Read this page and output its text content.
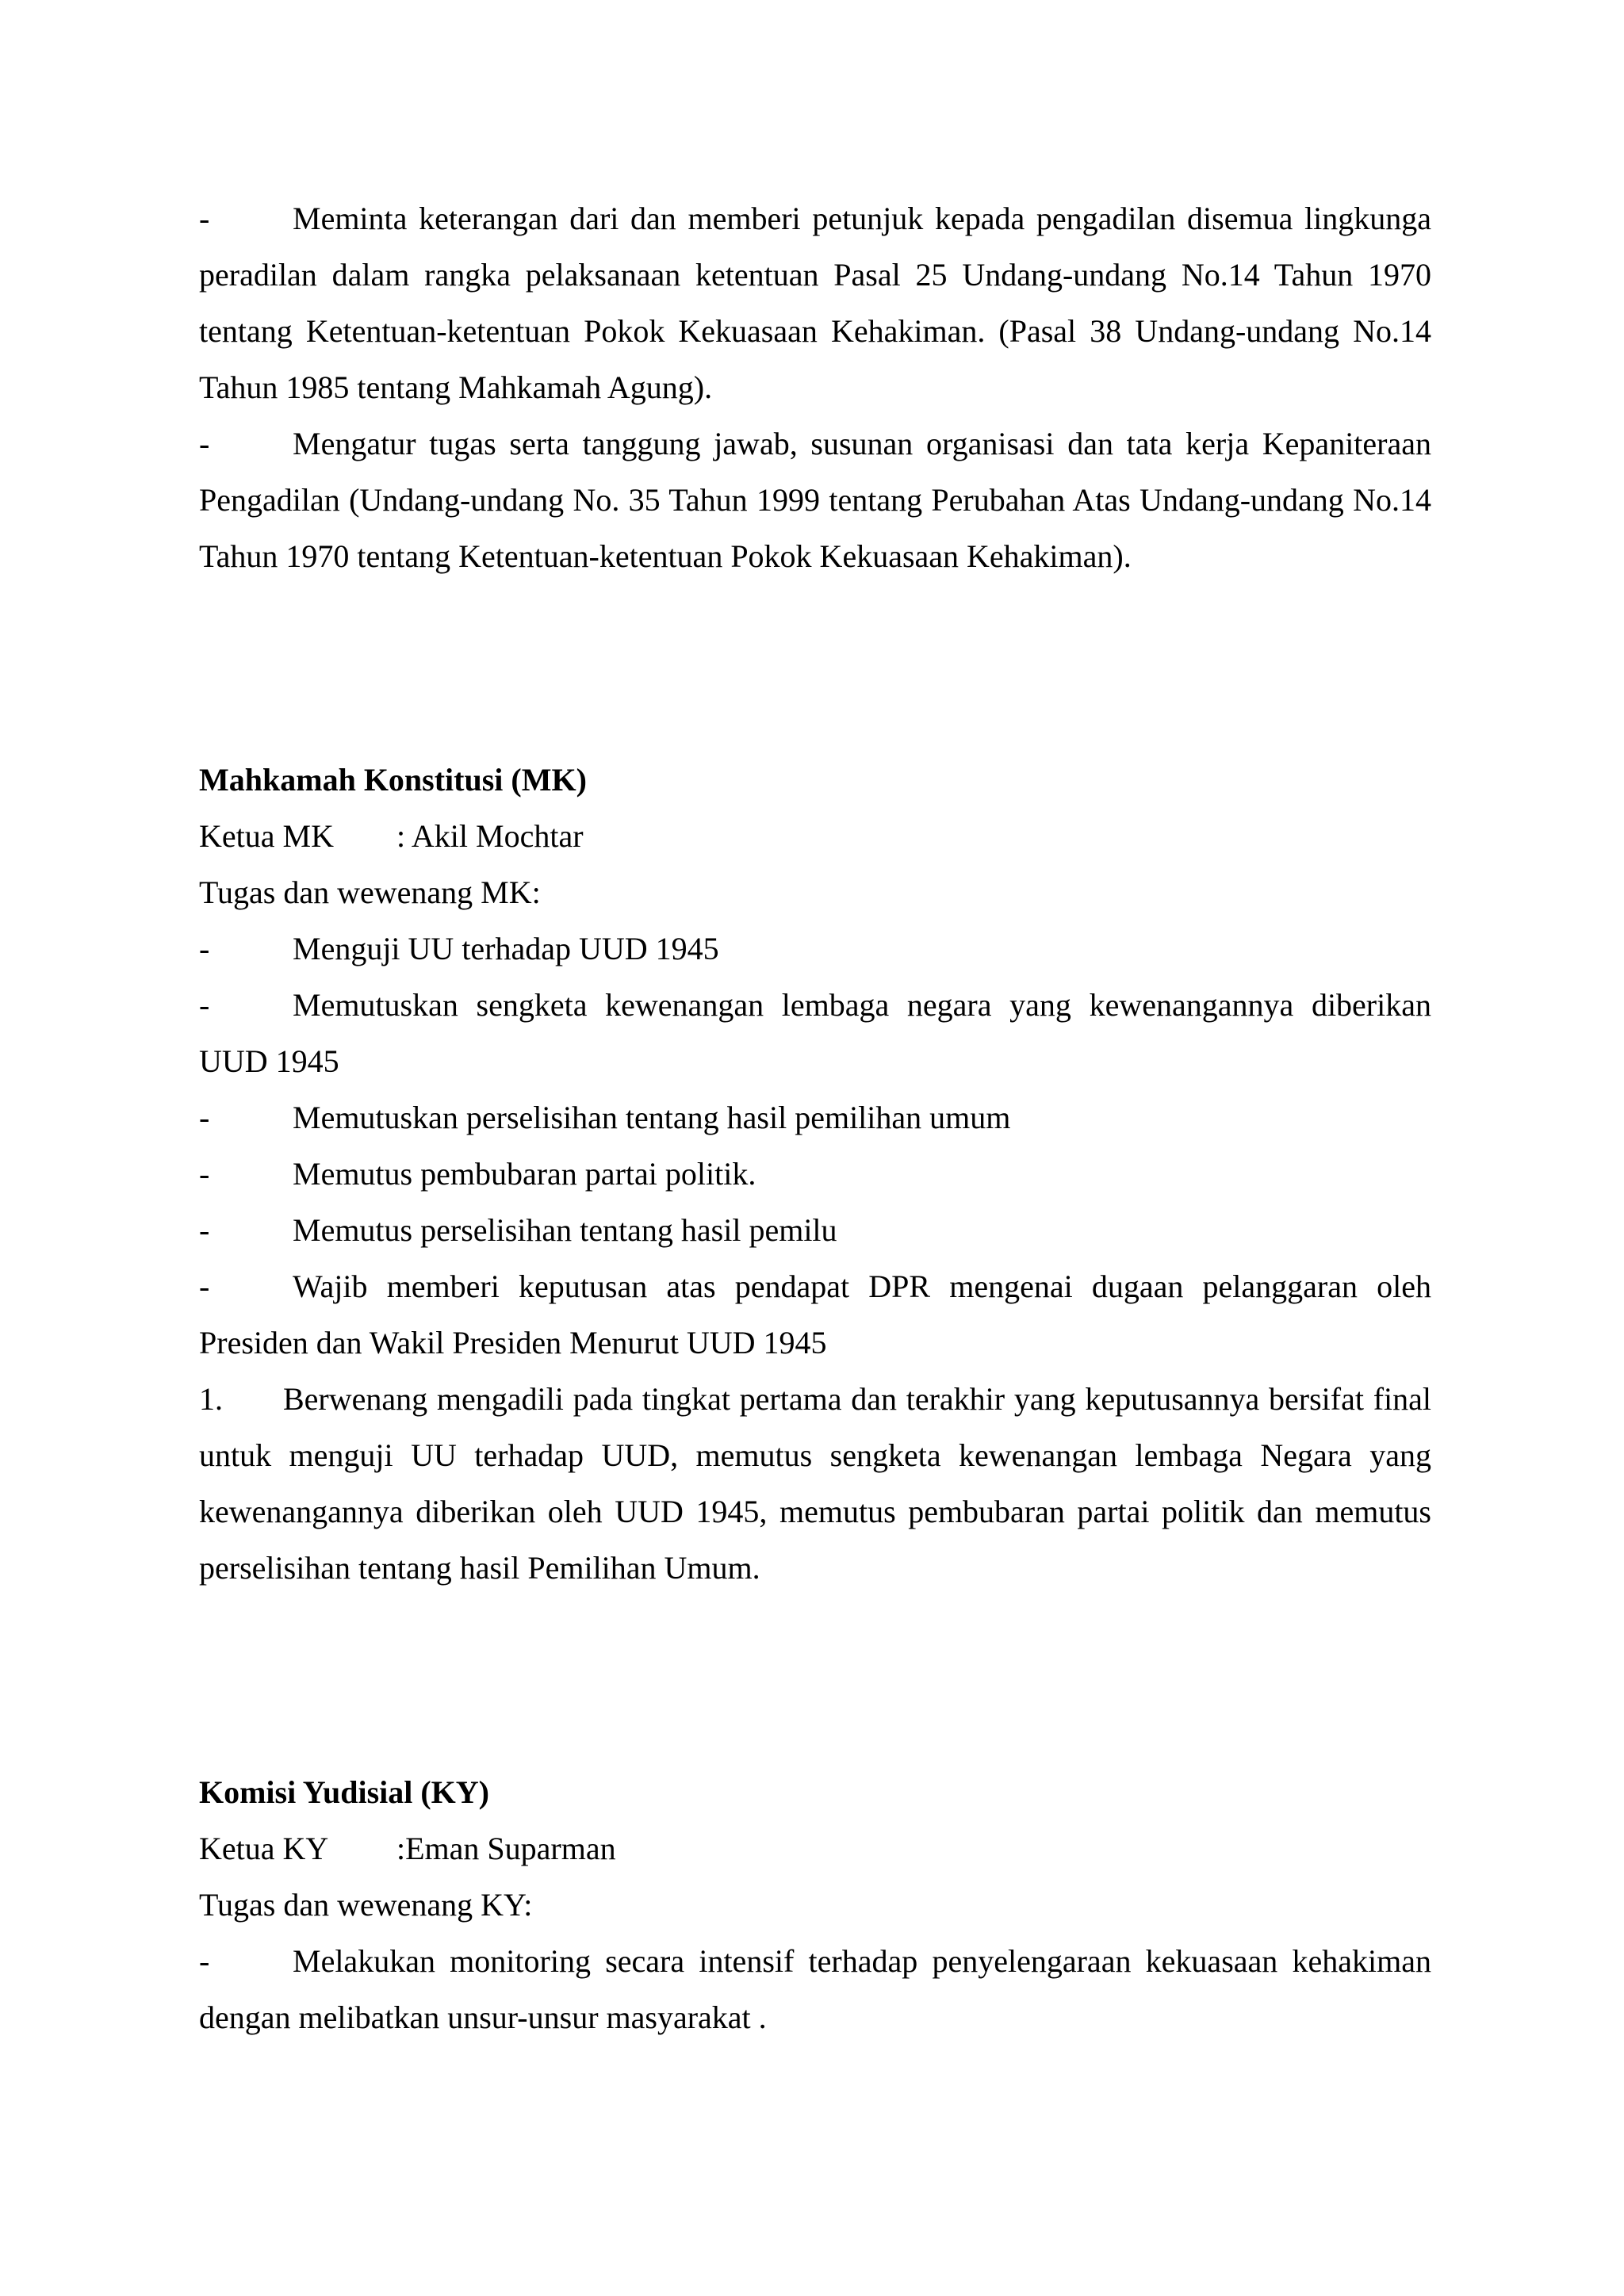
-	Meminta keterangan dari dan memberi petunjuk kepada pengadilan disemua lingkunga peradilan dalam rangka pelaksanaan ketentuan Pasal 25 Undang-undang No.14 Tahun 1970 tentang Ketentuan-ketentuan Pokok Kekuasaan Kehakiman. (Pasal 38 Undang-undang No.14 Tahun 1985 tentang Mahkamah Agung).

-	Mengatur tugas serta tanggung jawab, susunan organisasi dan tata kerja Kepaniteraan Pengadilan (Undang-undang No. 35 Tahun 1999 tentang Perubahan Atas Undang-undang No.14 Tahun 1970 tentang Ketentuan-ketentuan Pokok Kekuasaan Kehakiman).

Mahkamah Konstitusi (MK)

Ketua MK : Akil Mochtar

Tugas dan wewenang MK:

-	Menguji UU terhadap UUD 1945

-	Memutuskan sengketa kewenangan lembaga negara yang kewenangannya diberikan UUD 1945

-	Memutuskan perselisihan tentang hasil pemilihan umum

-	Memutus pembubaran partai politik.

-	Memutus perselisihan tentang hasil pemilu

-	Wajib memberi keputusan atas pendapat DPR mengenai dugaan pelanggaran oleh Presiden dan Wakil Presiden Menurut UUD 1945

1. Berwenang mengadili pada tingkat pertama dan terakhir yang keputusannya bersifat final untuk menguji UU terhadap UUD, memutus sengketa kewenangan lembaga Negara yang kewenangannya diberikan oleh UUD 1945, memutus pembubaran partai politik dan memutus perselisihan tentang hasil Pemilihan Umum.

Komisi Yudisial (KY)

Ketua KY :Eman Suparman

Tugas dan wewenang KY:

-	Melakukan monitoring secara intensif terhadap penyelengaraan kekuasaan kehakiman dengan melibatkan unsur-unsur masyarakat .
